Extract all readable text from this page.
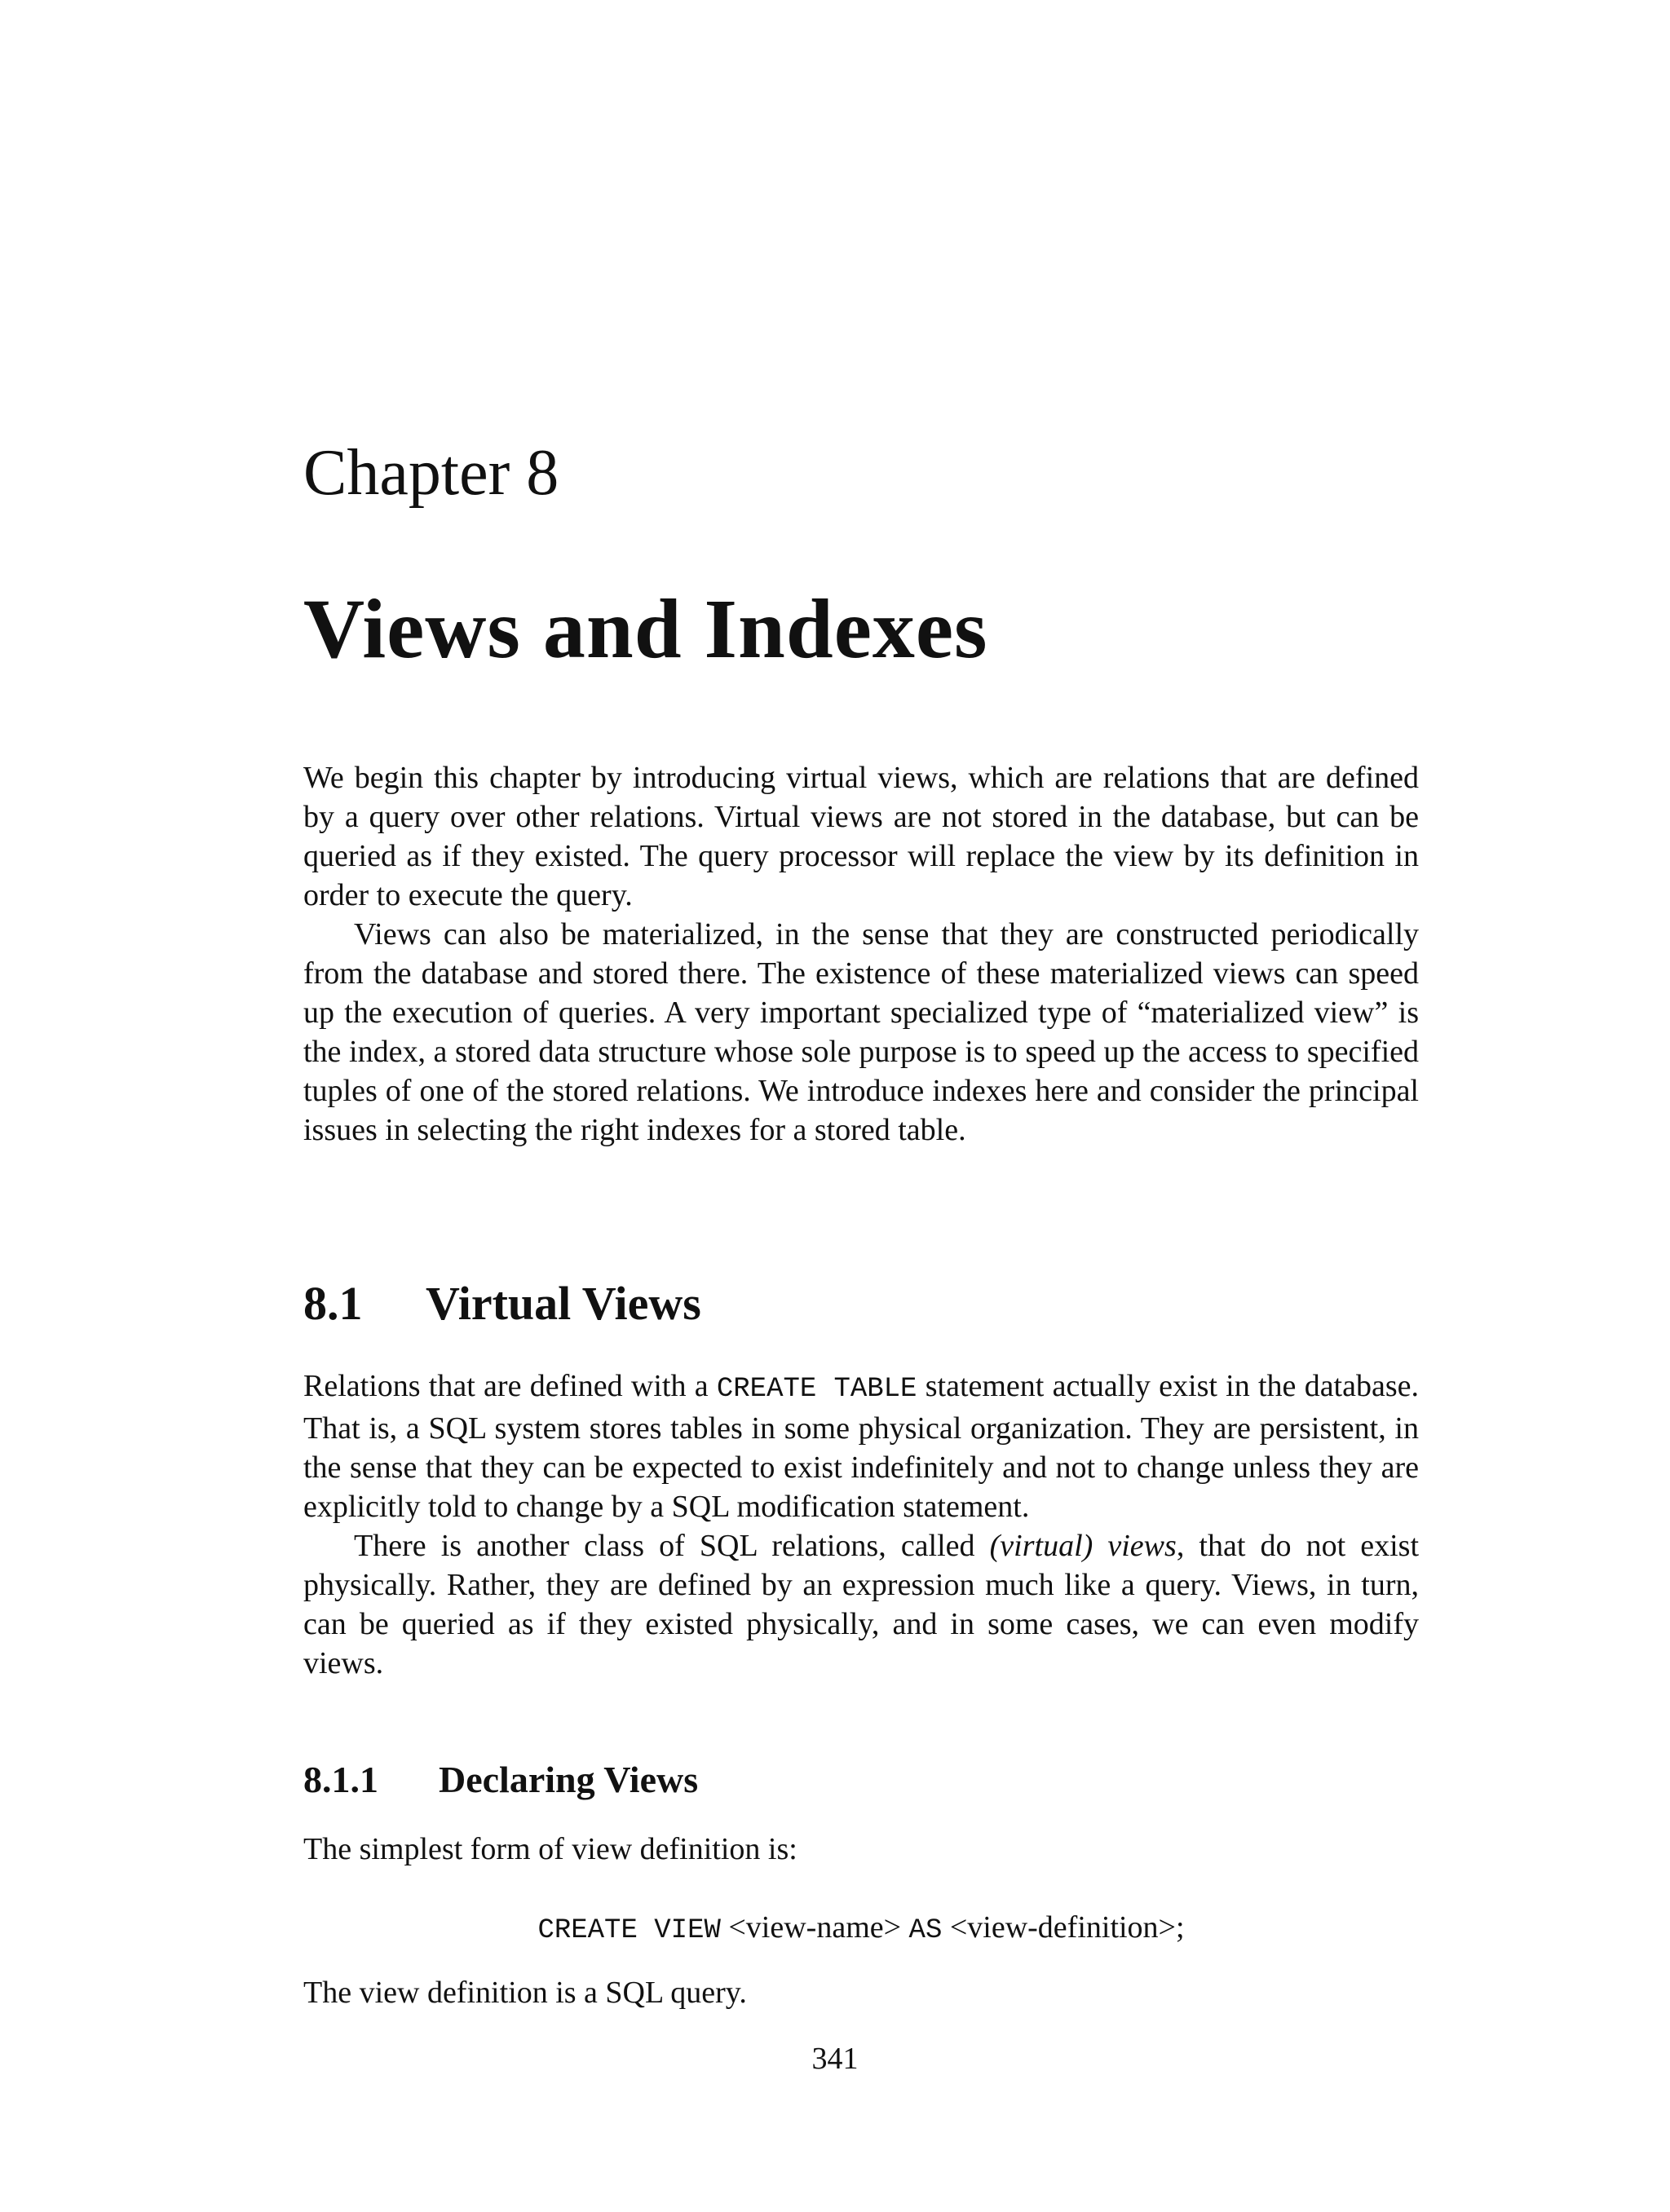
Chapter 8
Views and Indexes

We begin this chapter by introducing virtual views, which are relations that are defined by a query over other relations. Virtual views are not stored in the database, but can be queried as if they existed. The query processor will replace the view by its definition in order to execute the query.

Views can also be materialized, in the sense that they are constructed periodically from the database and stored there. The existence of these materialized views can speed up the execution of queries. A very important specialized type of “materialized view” is the index, a stored data structure whose sole purpose is to speed up the access to specified tuples of one of the stored relations. We introduce indexes here and consider the principal issues in selecting the right indexes for a stored table.

8.1 Virtual Views

Relations that are defined with a CREATE TABLE statement actually exist in the database. That is, a SQL system stores tables in some physical organization. They are persistent, in the sense that they can be expected to exist indefinitely and not to change unless they are explicitly told to change by a SQL modification statement.

There is another class of SQL relations, called (virtual) views, that do not exist physically. Rather, they are defined by an expression much like a query. Views, in turn, can be queried as if they existed physically, and in some cases, we can even modify views.

8.1.1 Declaring Views

The simplest form of view definition is:

CREATE VIEW <view-name> AS <view-definition>;

The view definition is a SQL query.

341
